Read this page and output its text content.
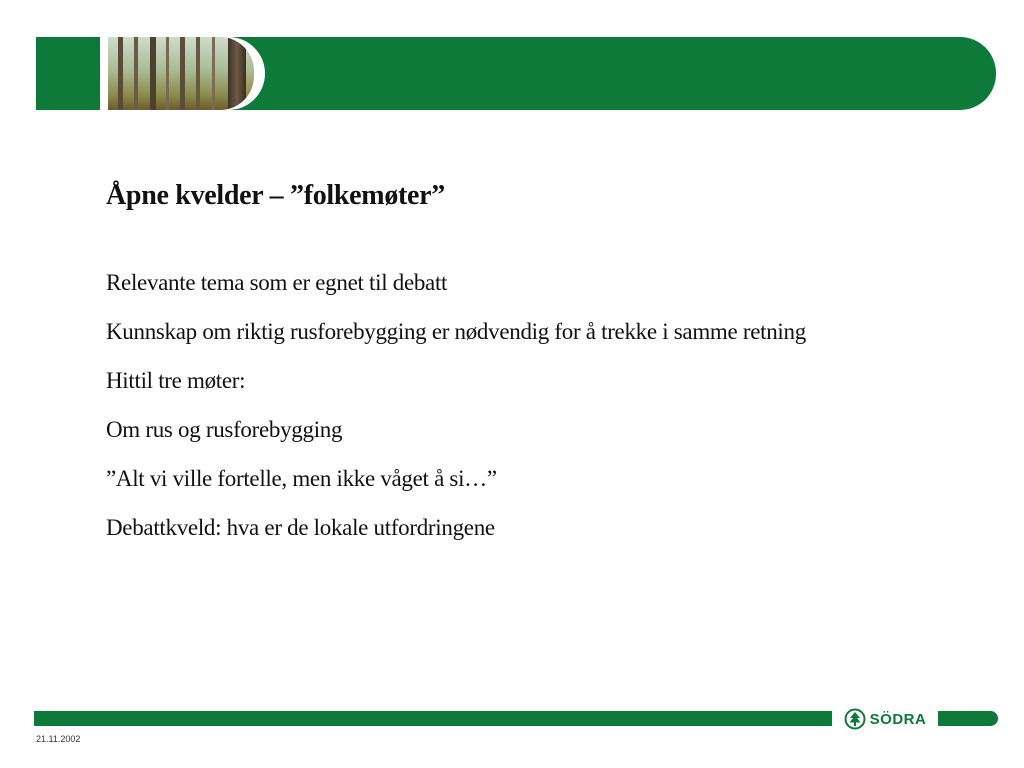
Åpne kvelder – ”folkemøter”
Relevante tema som er egnet til debatt
Kunnskap om riktig rusforebygging er nødvendig for å trekke i samme retning
Hittil tre møter:
Om rus og rusforebygging
”Alt vi ville fortelle, men ikke våget å si…”
Debattkveld: hva er de lokale utfordringene
SÖDRA
21.11.2002
